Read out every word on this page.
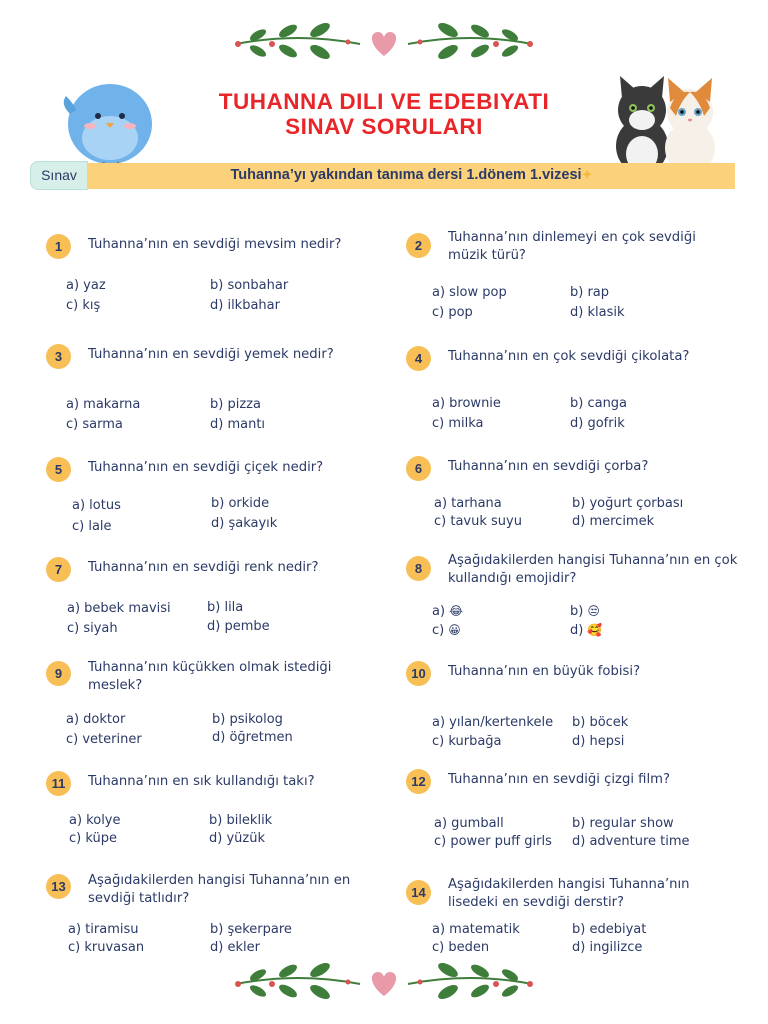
TUHANNA DILI VE EDEBIYATI
SINAV SORULARI
Sınav	Tuhanna’yı yakından tanıma dersi 1.dönem 1.vizesi✦
1	Tuhanna’nın en sevdiği mevsim nedir?
a) yaz	b) sonbahar
c) kış	d) ilkbahar
2
Tuhanna’nın dinlemeyi en çok sevdiği müzik türü?
a) slow pop	b) rap
c) pop	d) klasik
3	Tuhanna’nın en sevdiği yemek nedir?
a) makarna	b) pizza
c) sarma	d) mantı
4	Tuhanna’nın en çok sevdiği çikolata?
a) brownie	b) canga
c) milka	d) gofrik
5	Tuhanna’nın en sevdiği çiçek nedir?
a) lotus	b) orkide
c) lale	d) şakayık
6	Tuhanna’nın en sevdiği çorba?
a) tarhana	b) yoğurt çorbası
c) tavuk suyu	d) mercimek
7	Tuhanna’nın en sevdiği renk nedir?
a) bebek mavisi	b) lila
c) siyah	d) pembe
8
Aşağıdakilerden hangisi Tuhanna’nın en çok kullandığı emojidir?
a) 😂	b) 😒
c) 😀	d) 🥰
9	Tuhanna’nın küçükken olmak istediği meslek?
a) doktor	b) psikolog
c) veteriner	d) öğretmen
10	Tuhanna’nın en büyük fobisi?
a) yılan/kertenkele b) böcek
c) kurbağa	d) hepsi
11	Tuhanna’nın en sık kullandığı takı?
a) kolye	b) bileklik
c) küpe	d) yüzük
12	Tuhanna’nın en sevdiği çizgi film?
a) gumball	b) regular show
c) power puff girls d) adventure time
13	Aşağıdakilerden hangisi Tuhanna’nın en sevdiği tatlıdır?
a) tiramisu	b) şekerpare
c) kruvasan	d) ekler
14
Aşağıdakilerden hangisi Tuhanna’nın lisedeki en sevdiği derstir?
a) matematik	b) edebiyat
c) beden	d) ingilizce
